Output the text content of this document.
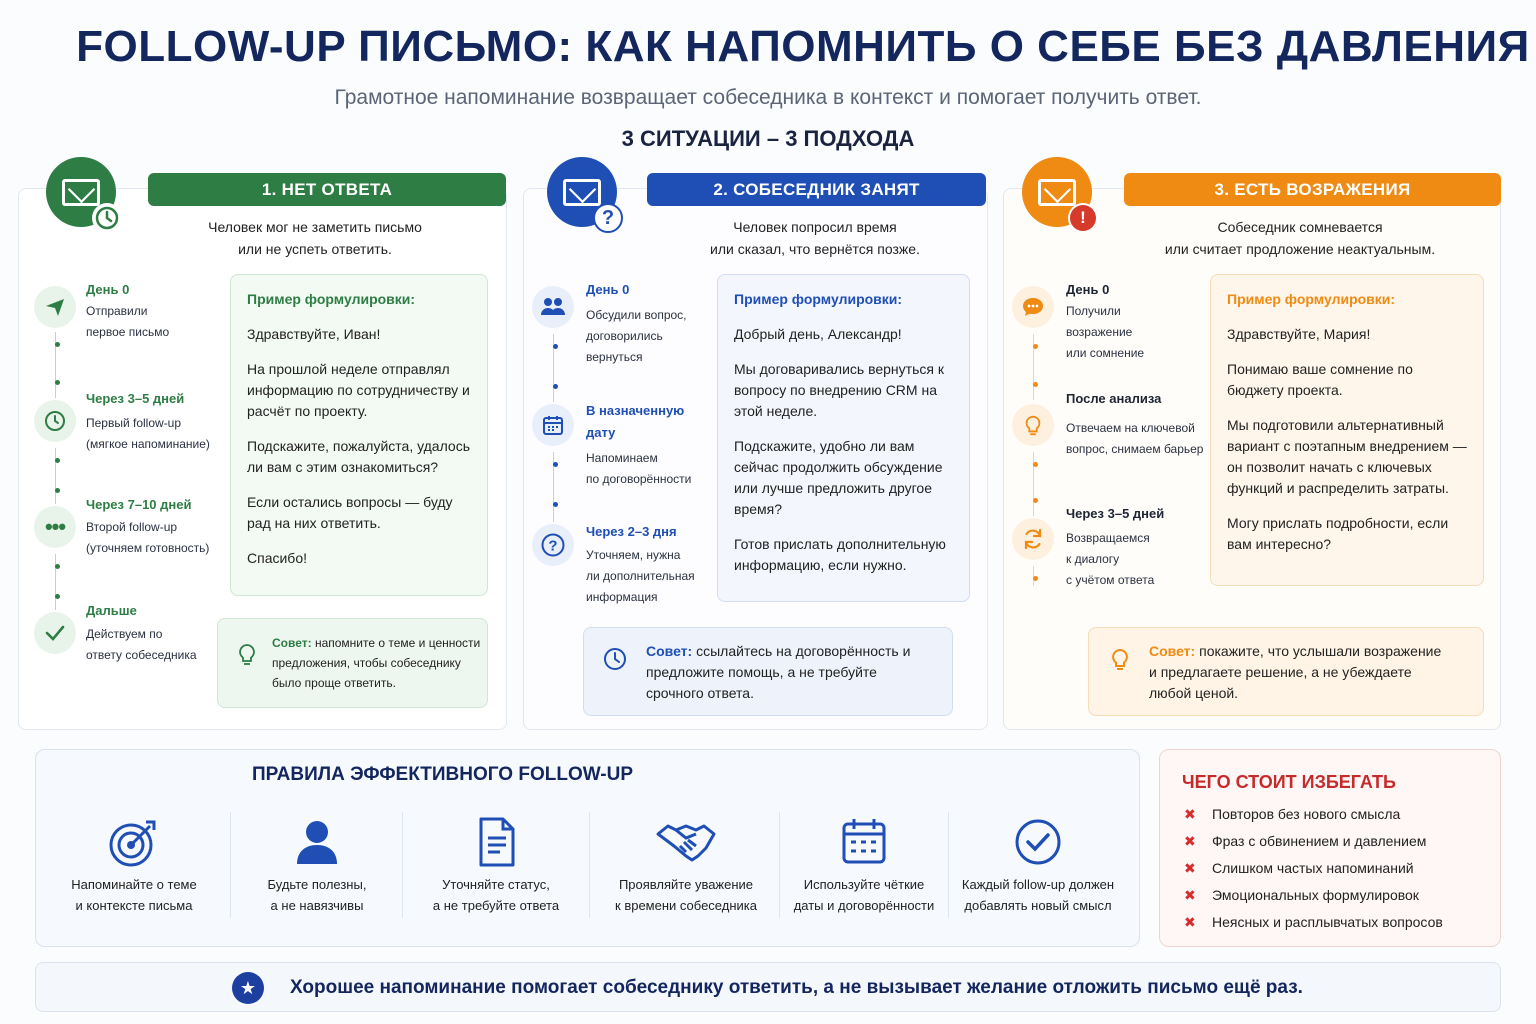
FOLLOW-UP ПИСЬМО: КАК НАПОМНИТЬ О СЕБЕ БЕЗ ДАВЛЕНИЯ
Грамотное напоминание возвращает собеседника в контекст и помогает получить ответ.
3 СИТУАЦИИ – 3 ПОДХОДА
1. НЕТ ОТВЕТА
Человек мог не заметить письмо
или не успеть ответить.
День 0
Отправили
первое письмо
Через 3–5 дней
Первый follow-up
(мягкое напоминание)
•••
Через 7–10 дней
Второй follow-up
(уточняем готовность)
Дальше
Действуем по
ответу собеседника
Пример формулировки:

Здравствуйте, Иван!

На прошлой неделе отправлял информацию по сотрудничеству и расчёт по проекту.

Подскажите, пожалуйста, удалось ли вам с этим ознакомиться?

Если остались вопросы — буду рад на них ответить.

Спасибо!

Совет: напомните о теме и ценности предложения, чтобы собеседнику было проще ответить.
?
2. СОБЕСЕДНИК ЗАНЯТ
Человек попросил время
или сказал, что вернётся позже.
День 0
Обсудили вопрос,
договорились
вернуться
В назначенную дату
Напоминаем
по договорённости
?
Через 2–3 дня
Уточняем, нужна
ли дополнительная
информация
Пример формулировки:

Добрый день, Александр!

Мы договаривались вернуться к вопросу по внедрению CRM на этой неделе.

Подскажите, удобно ли вам сейчас продолжить обсуждение или лучше предложить другое время?

Готов прислать дополнительную информацию, если нужно.

Совет: ссылайтесь на договорённость и предложите помощь, а не требуйте срочного ответа.
!
3. ЕСТЬ ВОЗРАЖЕНИЯ
Собеседник сомневается
или считает продложение неактуальным.
День 0
Получили
возражение
или сомнение
После анализа
Отвечаем на ключевой
вопрос, снимаем барьер
Через 3–5 дней
Возвращаемся
к диалогу
с учётом ответа
Пример формулировки:

Здравствуйте, Мария!

Понимаю ваше сомнение по бюджету проекта.

Мы подготовили альтернативный вариант с поэтапным внедрением — он позволит начать с ключевых функций и распределить затраты.

Могу прислать подробности, если вам интересно?

Совет: покажите, что услышали возражение и предлагаете решение, а не убеждаете любой ценой.
ПРАВИЛА ЭФФЕКТИВНОГО FOLLOW-UP
Напоминайте о теме
и контексте письма
Будьте полезны,
а не навязчивы
Уточняйте статус,
а не требуйте ответа
Проявляйте уважение
к времени собеседника
Используйте чёткие
даты и договорённости
Каждый follow-up должен
добавлять новый смысл
ЧЕГО СТОИТ ИЗБЕГАТЬ
✖ Повторов без нового смысла
✖ Фраз с обвинением и давлением
✖ Слишком частых напоминаний
✖ Эмоциональных формулировок
✖ Неясных и расплывчатых вопросов
★	Хорошее напоминание помогает собеседнику ответить, а не вызывает желание отложить письмо ещё раз.
